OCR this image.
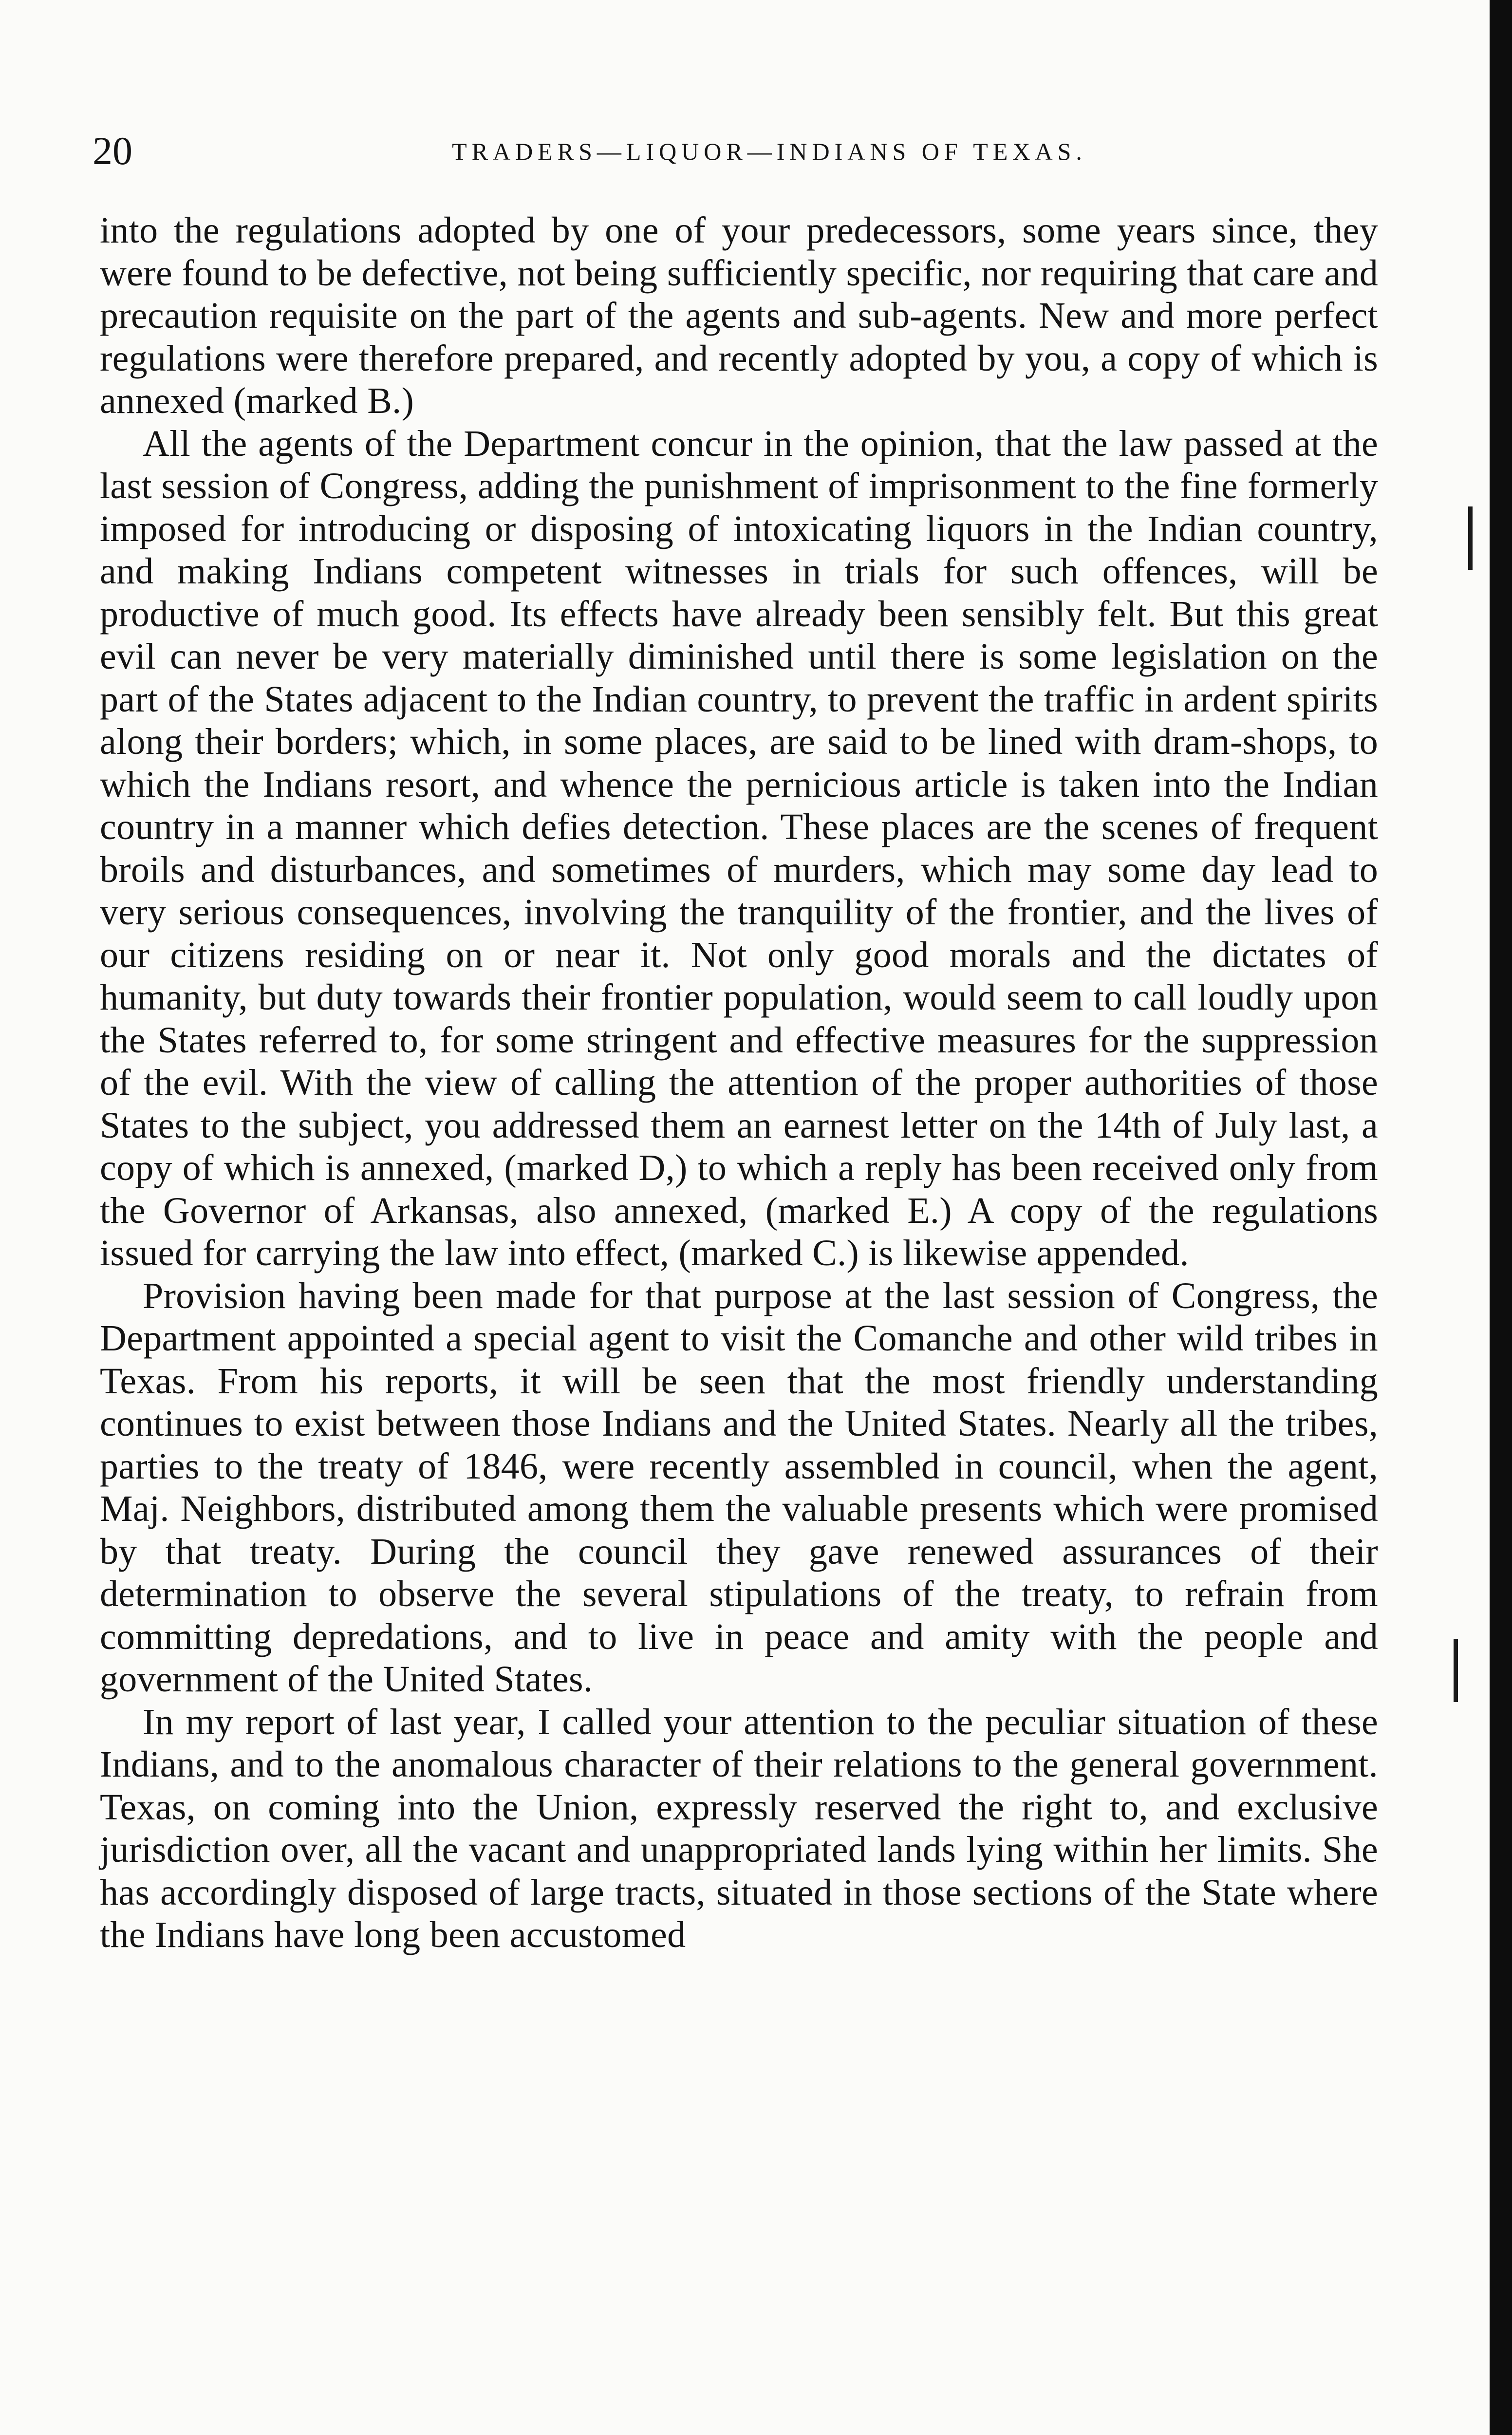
20	TRADERS—LIQUOR—INDIANS OF TEXAS.

into the regulations adopted by one of your predecessors, some years since, they were found to be defective, not being sufficiently specific, nor requiring that care and precaution requisite on the part of the agents and sub-agents. New and more perfect regulations were therefore prepared, and recently adopted by you, a copy of which is annexed (marked B.)

All the agents of the Department concur in the opinion, that the law passed at the last session of Congress, adding the punishment of imprisonment to the fine formerly imposed for introducing or disposing of intoxicating liquors in the Indian country, and making Indians competent witnesses in trials for such offences, will be productive of much good. Its effects have already been sensibly felt. But this great evil can never be very materially diminished until there is some legislation on the part of the States adjacent to the Indian country, to prevent the traffic in ardent spirits along their borders; which, in some places, are said to be lined with dram-shops, to which the Indians resort, and whence the pernicious article is taken into the Indian country in a manner which defies detection. These places are the scenes of frequent broils and disturbances, and sometimes of murders, which may some day lead to very serious consequences, involving the tranquility of the frontier, and the lives of our citizens residing on or near it. Not only good morals and the dictates of humanity, but duty towards their frontier population, would seem to call loudly upon the States referred to, for some stringent and effective measures for the suppression of the evil. With the view of calling the attention of the proper authorities of those States to the subject, you addressed them an earnest letter on the 14th of July last, a copy of which is annexed, (marked D,) to which a reply has been received only from the Governor of Arkansas, also annexed, (marked E.) A copy of the regulations issued for carrying the law into effect, (marked C.) is likewise appended.

Provision having been made for that purpose at the last session of Congress, the Department appointed a special agent to visit the Comanche and other wild tribes in Texas. From his reports, it will be seen that the most friendly understanding continues to exist between those Indians and the United States. Nearly all the tribes, parties to the treaty of 1846, were recently assembled in council, when the agent, Maj. Neighbors, distributed among them the valuable presents which were promised by that treaty. During the council they gave renewed assurances of their determination to observe the several stipulations of the treaty, to refrain from committing depredations, and to live in peace and amity with the people and government of the United States.

In my report of last year, I called your attention to the peculiar situation of these Indians, and to the anomalous character of their relations to the general government. Texas, on coming into the Union, expressly reserved the right to, and exclusive jurisdiction over, all the vacant and unappropriated lands lying within her limits. She has accordingly disposed of large tracts, situated in those sections of the State where the Indians have long been accustomed
